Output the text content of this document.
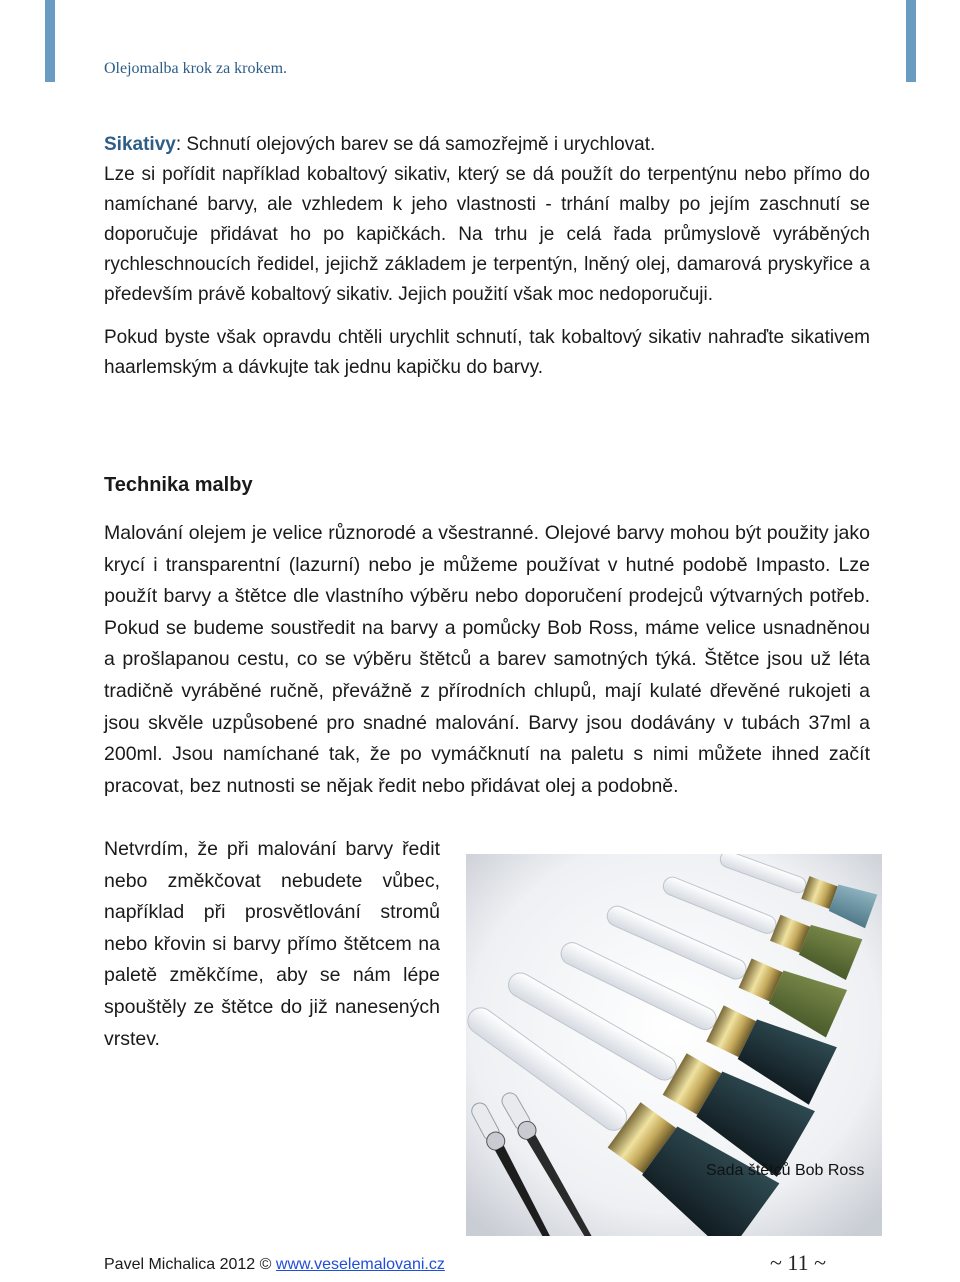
Olejomalba krok za krokem.

Sikativy: Schnutí olejových barev se dá samozřejmě i urychlovat.
Lze si pořídit například kobaltový sikativ, který se dá použít do terpentýnu nebo přímo do namíchané barvy, ale vzhledem k jeho vlastnosti - trhání malby po jejím zaschnutí se doporučuje přidávat ho po kapičkách. Na trhu je celá řada průmyslově vyráběných rychleschnoucích ředidel, jejichž základem je terpentýn, lněný olej, damarová pryskyřice a především právě kobaltový sikativ. Jejich použití však moc nedoporučuji.

Pokud byste však opravdu chtěli urychlit schnutí, tak kobaltový sikativ nahraďte sikativem haarlemským a dávkujte tak jednu kapičku do barvy.

Technika malby

Malování olejem je velice různorodé a všestranné. Olejové barvy mohou být použity jako krycí i transparentní (lazurní) nebo je můžeme používat v hutné podobě Impasto. Lze použít barvy a štětce dle vlastního výběru nebo doporučení prodejců výtvarných potřeb. Pokud se budeme soustředit na barvy a pomůcky Bob Ross, máme velice usnadněnou a prošlapanou cestu, co se výběru štětců a barev samotných týká. Štětce jsou už léta tradičně vyráběné ručně, převážně z přírodních chlupů, mají kulaté dřevěné rukojeti a jsou skvěle uzpůsobené pro snadné malování. Barvy jsou dodávány v tubách 37ml a 200ml. Jsou namíchané tak, že po vymáčknutí na paletu s nimi můžete ihned začít pracovat, bez nutnosti se nějak ředit nebo přidávat olej a podobně.

Netvrdím, že při malování barvy ředit nebo změkčovat nebudete vůbec, například při prosvětlování stromů nebo křovin si barvy přímo štětcem na paletě změkčíme, aby se nám lépe spouštěly ze štětce do již nanesených vrstev.

Sada štětců Bob Ross
Pavel Michalica 2012 © www.veselemalovani.cz	~ 11 ~
